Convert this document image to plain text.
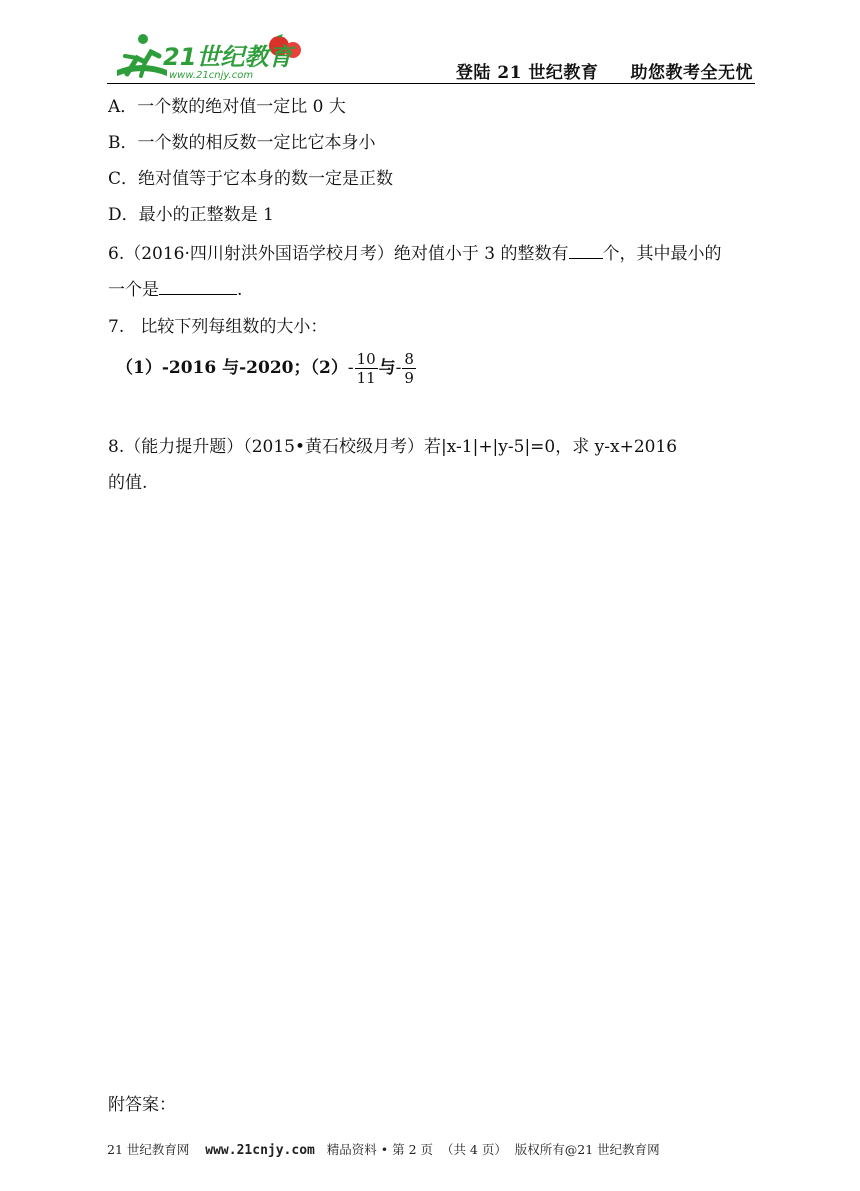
21世纪教育
www.21cnjy.com	登陆 21 世纪教育     助您教考全无忧
A．一个数的绝对值一定比 0 大
B．一个数的相反数一定比它本身小
C．绝对值等于它本身的数一定是正数
D．最小的正整数是 1
6.（2016·四川射洪外国语学校月考）绝对值小于 3 的整数有 个，其中最小的
一个是	.
7.   比较下列每组数的大小：
（1）-2016 与-2020；$(2)- \frac{10}{11}$ 与- $\frac{8}{9}$
8.（能力提升题）（2015•黄石校级月考）若|x-1|+|y-5|=0，求 y-x+2016
的值.
附答案：
21 世纪教育网    www.21cnjy.com   精品资料 • 第 2 页  （共 4 页）  版权所有@21 世纪教育网
